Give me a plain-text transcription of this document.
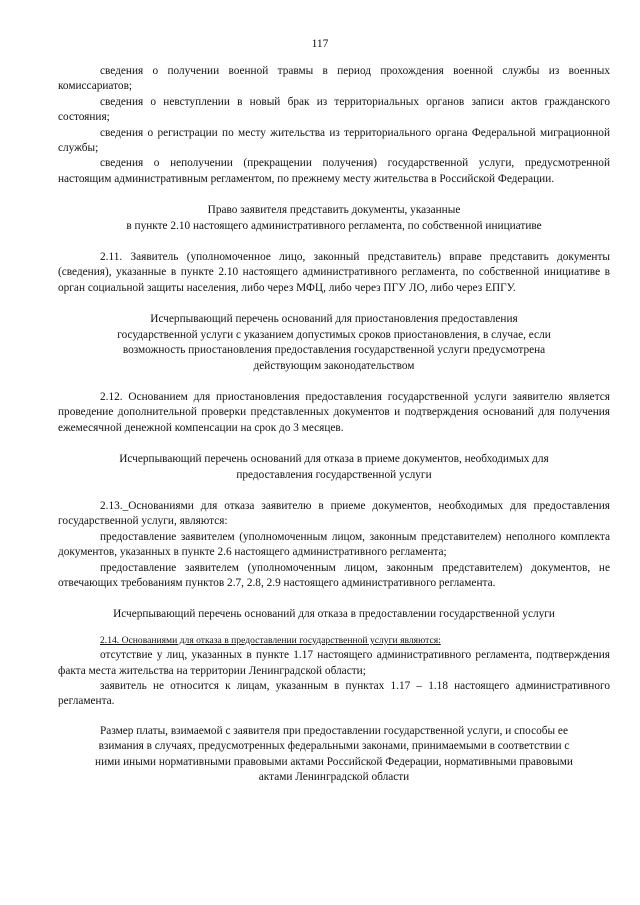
117

сведения о получении военной травмы в период прохождения военной службы из военных комиссариатов;

сведения о невступлении в новый брак из территориальных органов записи актов гражданского состояния;

сведения о регистрации по месту жительства из территориального органа Федеральной миграционной службы;

сведения о неполучении (прекращении получения) государственной услуги, предусмотренной настоящим административным регламентом, по прежнему месту жительства в Российской Федерации.

Право заявителя представить документы, указанные

в пункте 2.10 настоящего административного регламента, по собственной инициативе

2.11. Заявитель (уполномоченное лицо, законный представитель) вправе представить документы (сведения), указанные в пункте 2.10 настоящего административного регламента, по собственной инициативе в орган социальной защиты населения, либо через МФЦ, либо через ПГУ ЛО, либо через ЕПГУ.

Исчерпывающий перечень оснований для приостановления предоставления

государственной услуги с указанием допустимых сроков приостановления, в случае, если

возможность приостановления предоставления государственной услуги предусмотрена

действующим законодательством

2.12. Основанием для приостановления предоставления государственной услуги заявителю является проведение дополнительной проверки представленных документов и подтверждения оснований для получения ежемесячной денежной компенсации на срок до 3 месяцев.

Исчерпывающий перечень оснований для отказа в приеме документов, необходимых для

предоставления государственной услуги

2.13._Основаниями для отказа заявителю в приеме документов, необходимых для предоставления государственной услуги, являются:

предоставление заявителем (уполномоченным лицом, законным представителем) неполного комплекта документов, указанных в пункте 2.6 настоящего административного регламента;

предоставление заявителем (уполномоченным лицом, законным представителем) документов, не отвечающих требованиям пунктов 2.7, 2.8, 2.9 настоящего административного регламента.

Исчерпывающий перечень оснований для отказа в предоставлении государственной услуги

2.14. Основаниями для отказа в предоставлении государственной услуги являются:

отсутствие у лиц, указанных в пункте 1.17 настоящего административного регламента, подтверждения факта места жительства на территории Ленинградской области;

заявитель не относится к лицам, указанным в пунктах 1.17 – 1.18 настоящего административного регламента.

Размер платы, взимаемой с заявителя при предоставлении государственной услуги, и способы ее

взимания в случаях, предусмотренных федеральными законами, принимаемыми в соответствии с

ними иными нормативными правовыми актами Российской Федерации, нормативными правовыми

актами Ленинградской области
